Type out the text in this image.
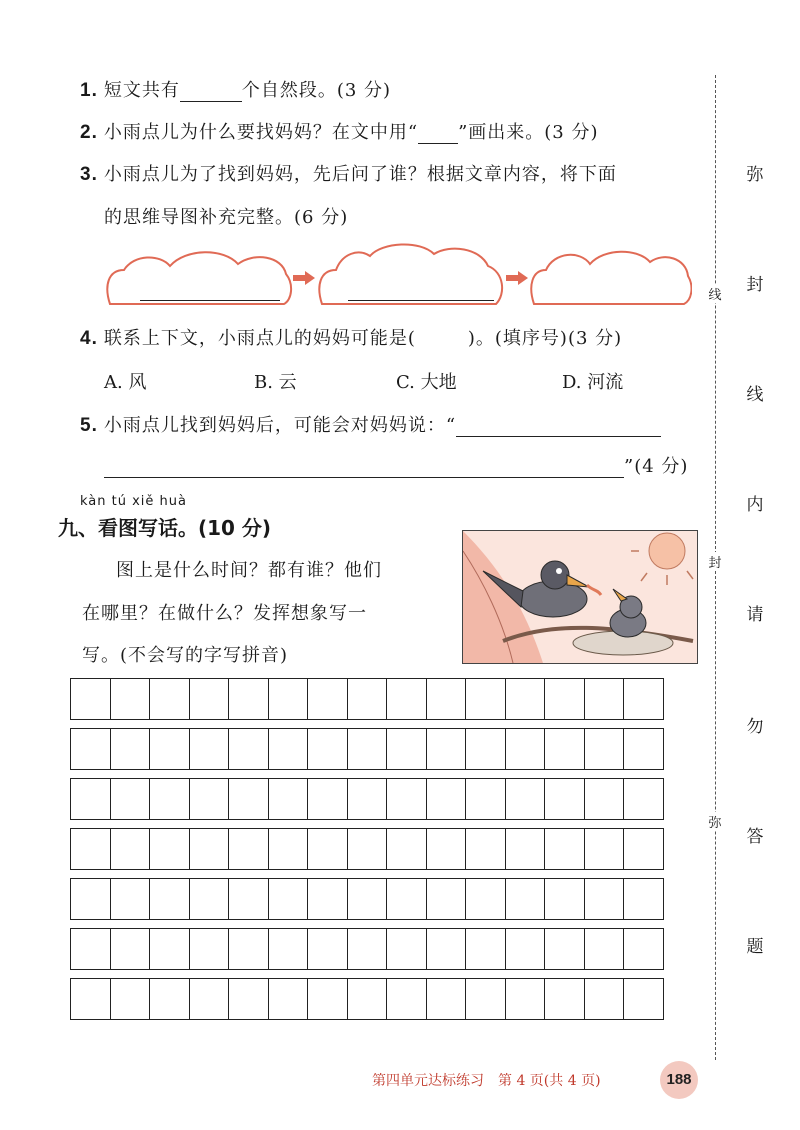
1. 短文共有	个自然段。(3 分)
2. 小雨点儿为什么要找妈妈？在文中用“ ”画出来。(3 分)
3. 小雨点儿为了找到妈妈，先后问了谁？根据文章内容，将下面
的思维导图补充完整。(6 分)
4. 联系上下文，小雨点儿的妈妈可能是(	)。(填序号)(3 分)
A. 风	B. 云	C. 大地	D. 河流
5. 小雨点儿找到妈妈后，可能会对妈妈说：“
”(4 分)
kàn tú xiě huà
九、看图写话。(10 分)
图上是什么时间？都有谁？他们
在哪里？在做什么？发挥想象写一
写。(不会写的字写拼音)
线
封
弥
弥
封
线
内
请
勿
答
题
第四单元达标练习　第 4 页(共 4 页)	188
